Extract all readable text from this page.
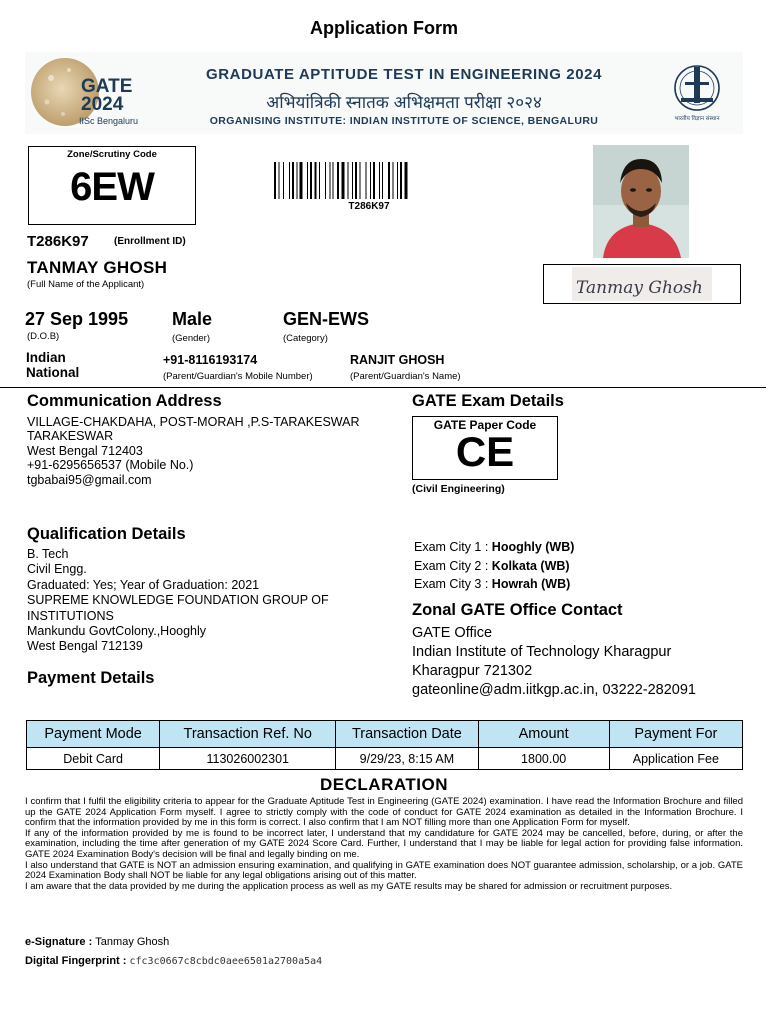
Application Form
GATE
2024
IISc Bengaluru
GRADUATE APTITUDE TEST IN ENGINEERING 2024
अभियांत्रिकी स्नातक अभिक्षमता परीक्षा २०२४
ORGANISING INSTITUTE: INDIAN INSTITUTE OF SCIENCE, BENGALURU	भारतीय विज्ञान संस्थान
Zone/Scrutiny Code
6EW	T286K97
Tanmay Ghosh
T286K97	(Enrollment ID)
TANMAY GHOSH
(Full Name of the Applicant)
27 Sep 1995
(D.O.B)
Male
(Gender)
GEN-EWS
(Category)
Indian
National
+91-8116193174
(Parent/Guardian's Mobile Number)
RANJIT GHOSH
(Parent/Guardian's Name)
Communication Address
VILLAGE-CHAKDAHA, POST-MORAH ,P.S-TARAKESWAR
TARAKESWAR
West Bengal 712403
+91-6295656537 (Mobile No.)
tgbabai95@gmail.com
GATE Exam Details
GATE Paper Code
CE
(Civil Engineering)
Qualification Details
B. Tech
Civil Engg.
Graduated: Yes; Year of Graduation: 2021
SUPREME KNOWLEDGE FOUNDATION GROUP OF INSTITUTIONS
Mankundu GovtColony.,Hooghly
West Bengal 712139
Exam City 1 : Hooghly (WB)
Exam City 2 : Kolkata (WB)
Exam City 3 : Howrah (WB)
Zonal GATE Office Contact
GATE Office
Indian Institute of Technology Kharagpur
Kharagpur 721302
gateonline@adm.iitkgp.ac.in, 03222-282091
Payment Details
Payment Mode	Transaction Ref. No	Transaction Date	Amount	Payment For
Debit Card	113026002301	9/29/23, 8:15 AM	1800.00	Application Fee
DECLARATION

I confirm that I fulfil the eligibility criteria to appear for the Graduate Aptitude Test in Engineering (GATE 2024) examination. I have read the Information Brochure and filled up the GATE 2024 Application Form myself. I agree to strictly comply with the code of conduct for GATE 2024 examination as detailed in the Information Brochure. I confirm that the information provided by me in this form is correct. I also confirm that I am NOT filling more than one Application Form for myself.

If any of the information provided by me is found to be incorrect later, I understand that my candidature for GATE 2024 may be cancelled, before, during, or after the examination, including the time after generation of my GATE 2024 Score Card. Further, I understand that I may be liable for legal action for providing false information. GATE 2024 Examination Body's decision will be final and legally binding on me.

I also understand that GATE is NOT an admission ensuring examination, and qualifying in GATE examination does NOT guarantee admission, scholarship, or a job. GATE 2024 Examination Body shall NOT be liable for any legal obligations arising out of this matter.

I am aware that the data provided by me during the application process as well as my GATE results may be shared for admission or recruitment purposes.

e-Signature : Tanmay Ghosh
Digital Fingerprint : cfc3c0667c8cbdc0aee6501a2700a5a4
